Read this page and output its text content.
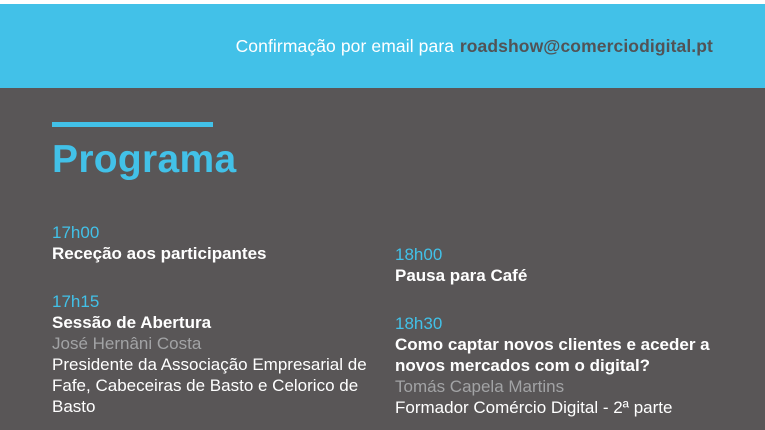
Confirmação por email para roadshow@comerciodigital.pt

Programa

17h00

Receção aos participantes

17h15

Sessão de Abertura

José Hernâni Costa

Presidente da Associação Empresarial de Fafe, Cabeceiras de Basto e Celorico de Basto

18h00

Pausa para Café

18h30

Como captar novos clientes e aceder a novos mercados com o digital?

Tomás Capela Martins

Formador Comércio Digital - 2ª parte
